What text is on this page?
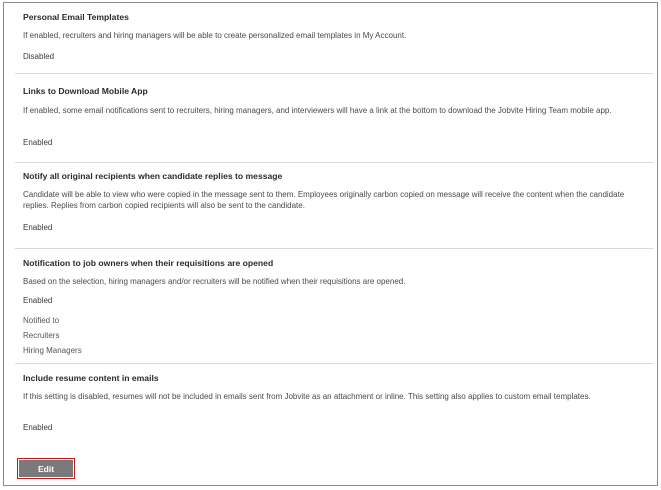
Personal Email Templates
If enabled, recruiters and hiring managers will be able to create personalized email templates in My Account.
Disabled
Links to Download Mobile App
If enabled, some email notifications sent to recruiters, hiring managers, and interviewers will have a link at the bottom to download the Jobvite Hiring Team mobile app.
Enabled
Notify all original recipients when candidate replies to message
Candidate will be able to view who were copied in the message sent to them. Employees originally carbon copied on message will receive the content when the candidate replies. Replies from carbon copied recipients will also be sent to the candidate.
Enabled
Notification to job owners when their requisitions are opened
Based on the selection, hiring managers and/or recruiters will be notified when their requisitions are opened.
Enabled
Notified to
Recruiters
Hiring Managers
Include resume content in emails
If this setting is disabled, resumes will not be included in emails sent from Jobvite as an attachment or inline. This setting also applies to custom email templates.
Enabled
Edit
